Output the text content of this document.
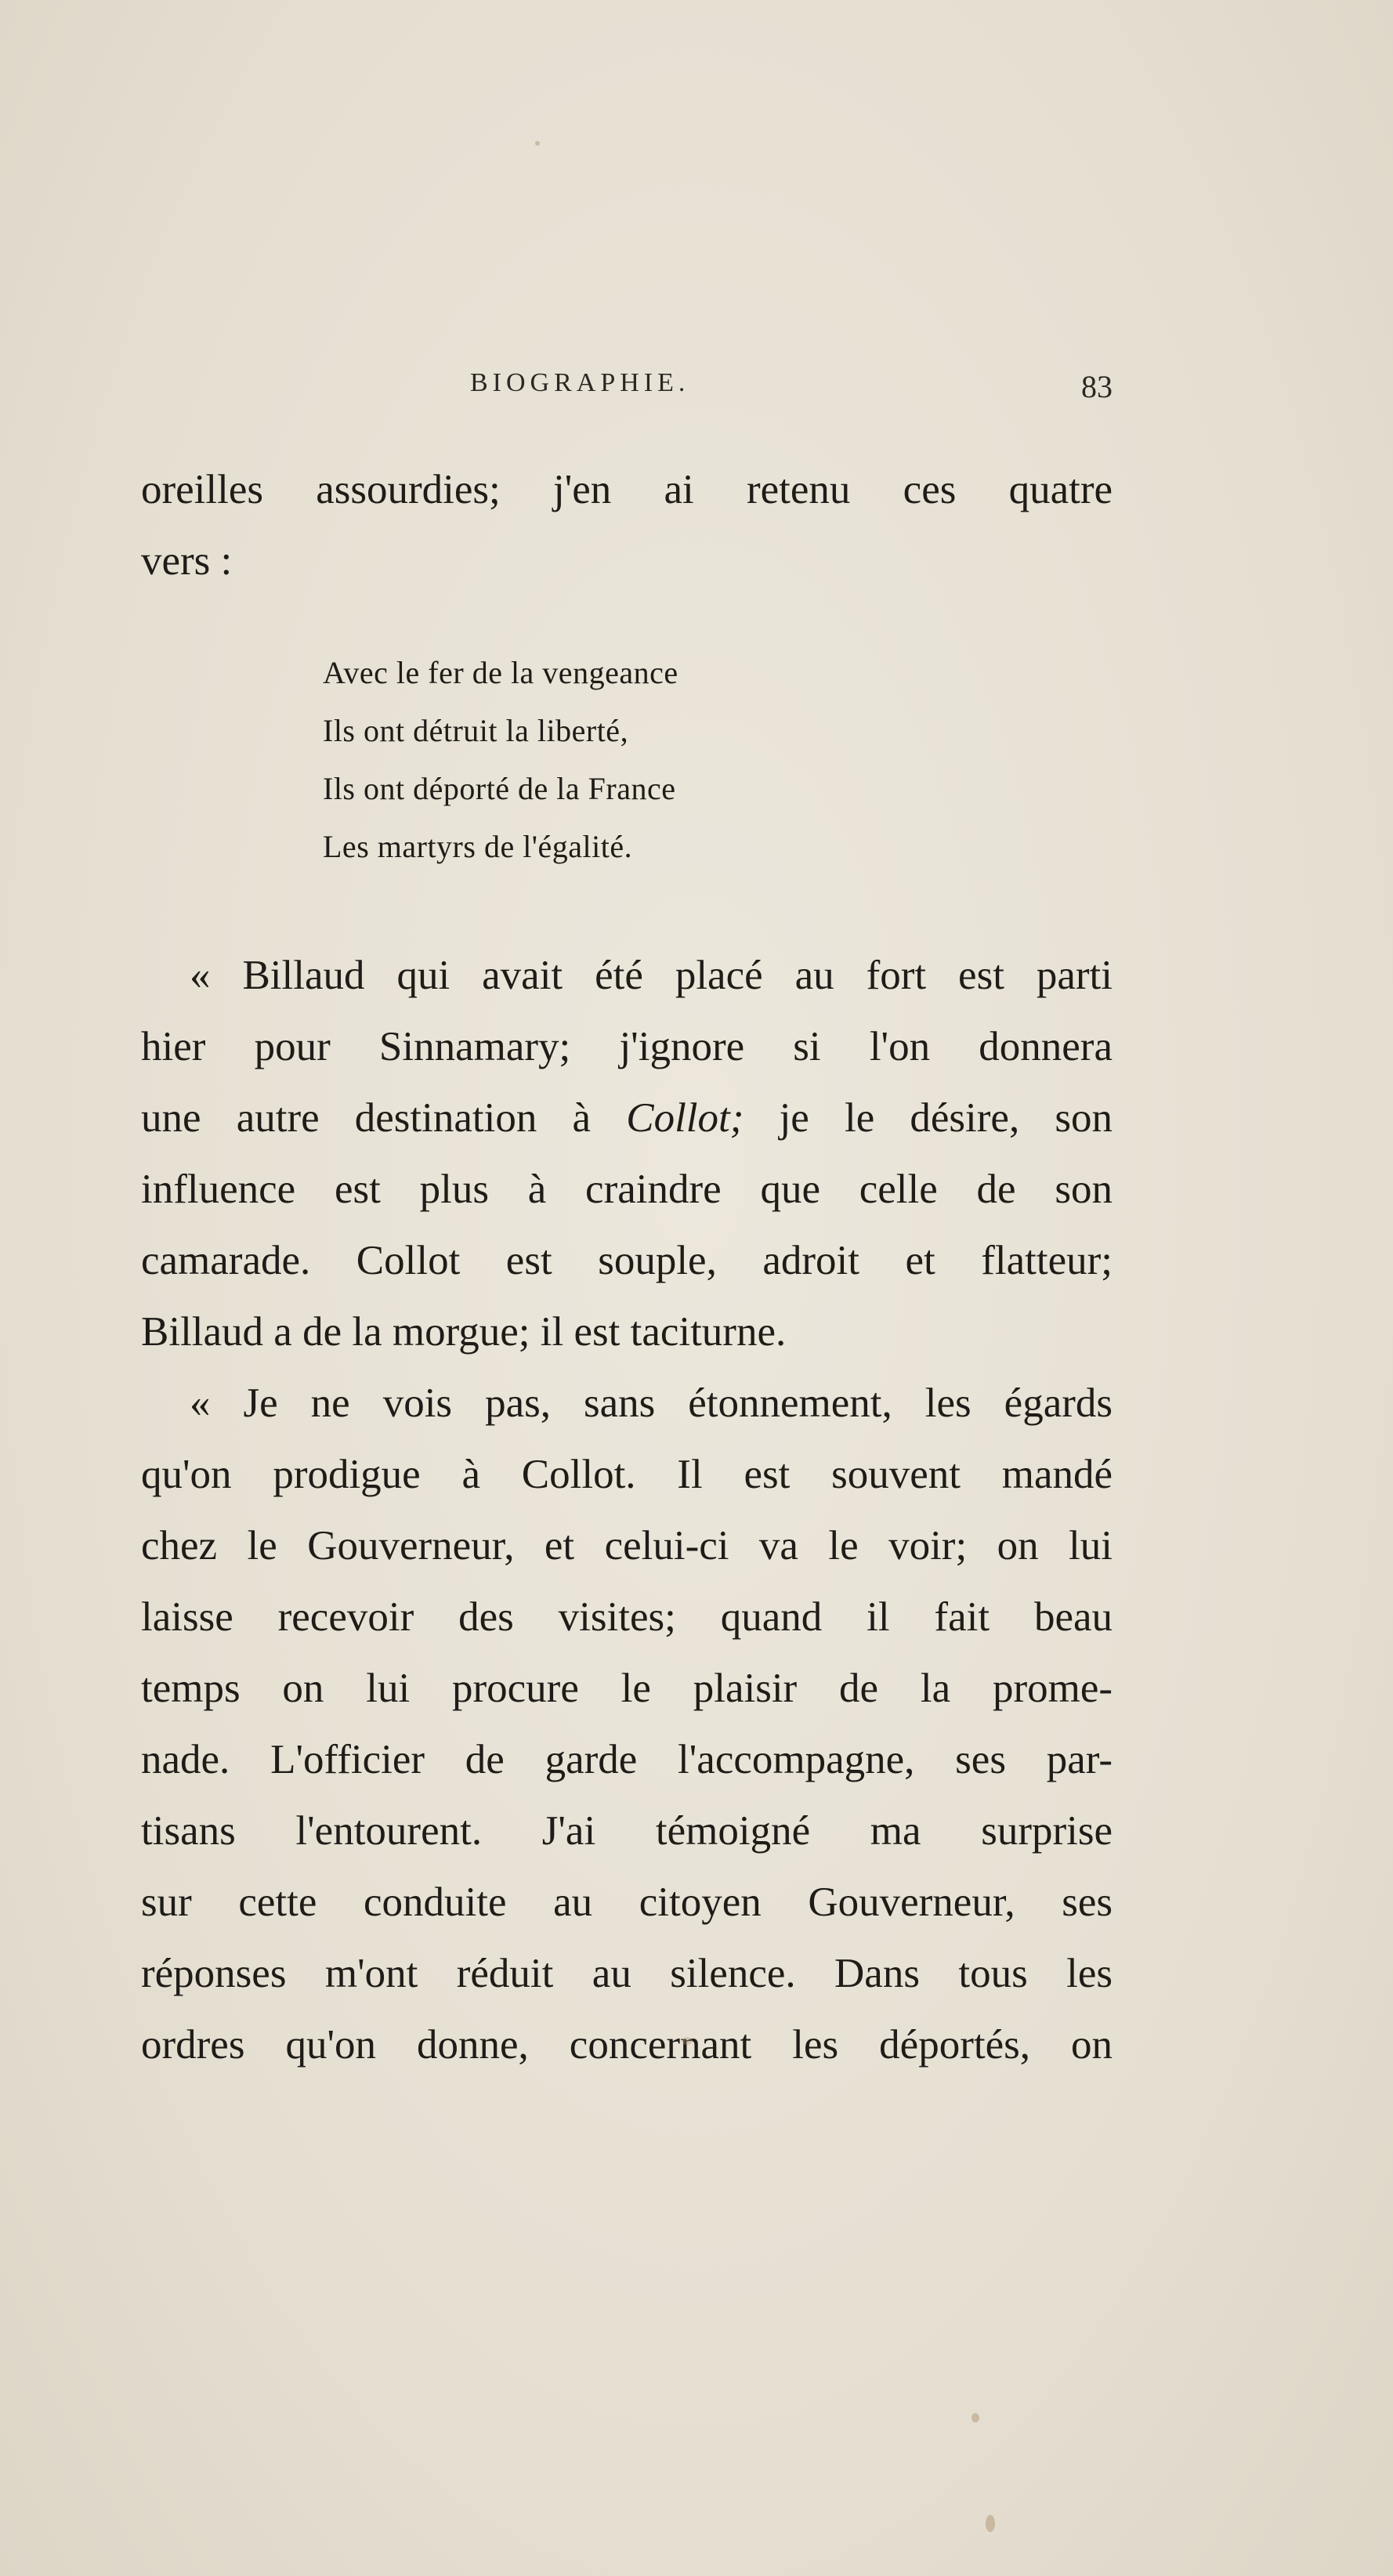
BIOGRAPHIE.	83
oreilles assourdies; j'en ai retenu ces quatre
vers :
Avec le fer de la vengeance
Ils ont détruit la liberté,
Ils ont déporté de la France
Les martyrs de l'égalité.
« Billaud qui avait été placé au fort est parti
hier pour Sinnamary; j'ignore si l'on donnera
une autre destination à Collot; je le désire, son
influence est plus à craindre que celle de son
camarade. Collot est souple, adroit et flatteur;
Billaud a de la morgue; il est taciturne.
« Je ne vois pas, sans étonnement, les égards
qu'on prodigue à Collot. Il est souvent mandé
chez le Gouverneur, et celui-ci va le voir; on lui
laisse recevoir des visites; quand il fait beau
temps on lui procure le plaisir de la prome-
nade. L'officier de garde l'accompagne, ses par-
tisans l'entourent. J'ai témoigné ma surprise
sur cette conduite au citoyen Gouverneur, ses
réponses m'ont réduit au silence. Dans tous les
ordres qu'on donne, concernant les déportés, on
